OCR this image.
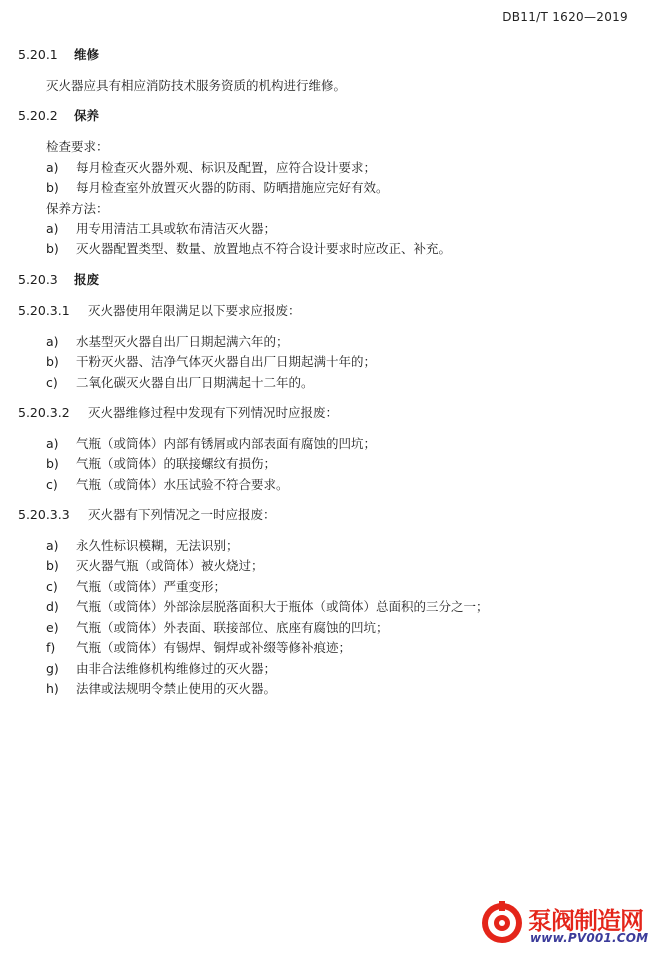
DB11/T 1620—2019
5.20.1 维修
灭火器应具有相应消防技术服务资质的机构进行维修。
5.20.2 保养
检查要求：
a) 每月检查灭火器外观、标识及配置，应符合设计要求；
b) 每月检查室外放置灭火器的防雨、防晒措施应完好有效。
保养方法：
a) 用专用清洁工具或软布清洁灭火器；
b) 灭火器配置类型、数量、放置地点不符合设计要求时应改正、补充。
5.20.3 报废
5.20.3.1 灭火器使用年限满足以下要求应报废：
a) 水基型灭火器自出厂日期起满六年的；
b) 干粉灭火器、洁净气体灭火器自出厂日期起满十年的；
c) 二氧化碳灭火器自出厂日期满起十二年的。
5.20.3.2 灭火器维修过程中发现有下列情况时应报废：
a) 气瓶（或筒体）内部有锈屑或内部表面有腐蚀的凹坑；
b) 气瓶（或筒体）的联接螺纹有损伤；
c) 气瓶（或筒体）水压试验不符合要求。
5.20.3.3 灭火器有下列情况之一时应报废：
a) 永久性标识模糊，无法识别；
b) 灭火器气瓶（或筒体）被火烧过；
c) 气瓶（或筒体）严重变形；
d) 气瓶（或筒体）外部涂层脱落面积大于瓶体（或筒体）总面积的三分之一；
e) 气瓶（或筒体）外表面、联接部位、底座有腐蚀的凹坑；
f) 气瓶（或筒体）有锡焊、铜焊或补缀等修补痕迹；
g) 由非合法维修机构维修过的灭火器；
h) 法律或法规明令禁止使用的灭火器。
泵阀制造网
www.PV001.COM
